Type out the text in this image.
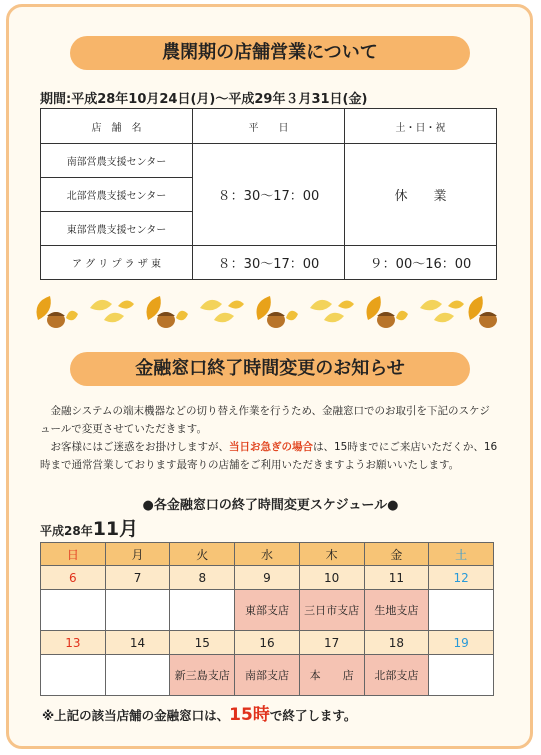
農閑期の店舗営業について
期間:平成28年10月24日(月)〜平成29年３月31日(金)
店　舗　名	平　　日	土・日・祝
南部営農支援センター	８：30〜17：00	休　　業
北部営農支援センター		
東部営農支援センター		
ア グ リ プ ラ ザ 東	８：30〜17：00	９：00〜16：00
金融窓口終了時間変更のお知らせ

　金融システムの端末機器などの切り替え作業を行うため、金融窓口でのお取引を下記のスケジュールで変更させていただきます。

　お客様にはご迷惑をお掛けしますが、当日お急ぎの場合は、15時までにご来店いただくか、16時まで通常営業しております最寄りの店舗をご利用いただきますようお願いいたします。

●各金融窓口の終了時間変更スケジュール●
平成28年11月
日	月	火	水	木	金	土
6	7	8	9	10	11	12
			東部支店	三日市支店	生地支店	
13	14	15	16	17	18	19
		新三島支店	南部支店	本　　店	北部支店	
※上記の該当店舗の金融窓口は、15時で終了します。
